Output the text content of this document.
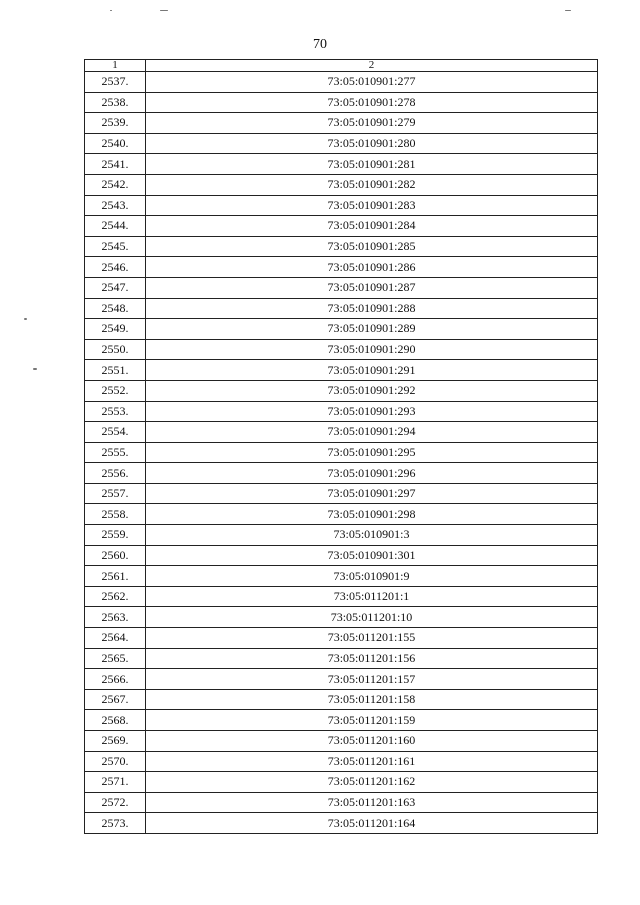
70
1	2
2537.	73:05:010901:277
2538.	73:05:010901:278
2539.	73:05:010901:279
2540.	73:05:010901:280
2541.	73:05:010901:281
2542.	73:05:010901:282
2543.	73:05:010901:283
2544.	73:05:010901:284
2545.	73:05:010901:285
2546.	73:05:010901:286
2547.	73:05:010901:287
2548.	73:05:010901:288
2549.	73:05:010901:289
2550.	73:05:010901:290
2551.	73:05:010901:291
2552.	73:05:010901:292
2553.	73:05:010901:293
2554.	73:05:010901:294
2555.	73:05:010901:295
2556.	73:05:010901:296
2557.	73:05:010901:297
2558.	73:05:010901:298
2559.	73:05:010901:3
2560.	73:05:010901:301
2561.	73:05:010901:9
2562.	73:05:011201:1
2563.	73:05:011201:10
2564.	73:05:011201:155
2565.	73:05:011201:156
2566.	73:05:011201:157
2567.	73:05:011201:158
2568.	73:05:011201:159
2569.	73:05:011201:160
2570.	73:05:011201:161
2571.	73:05:011201:162
2572.	73:05:011201:163
2573.	73:05:011201:164
